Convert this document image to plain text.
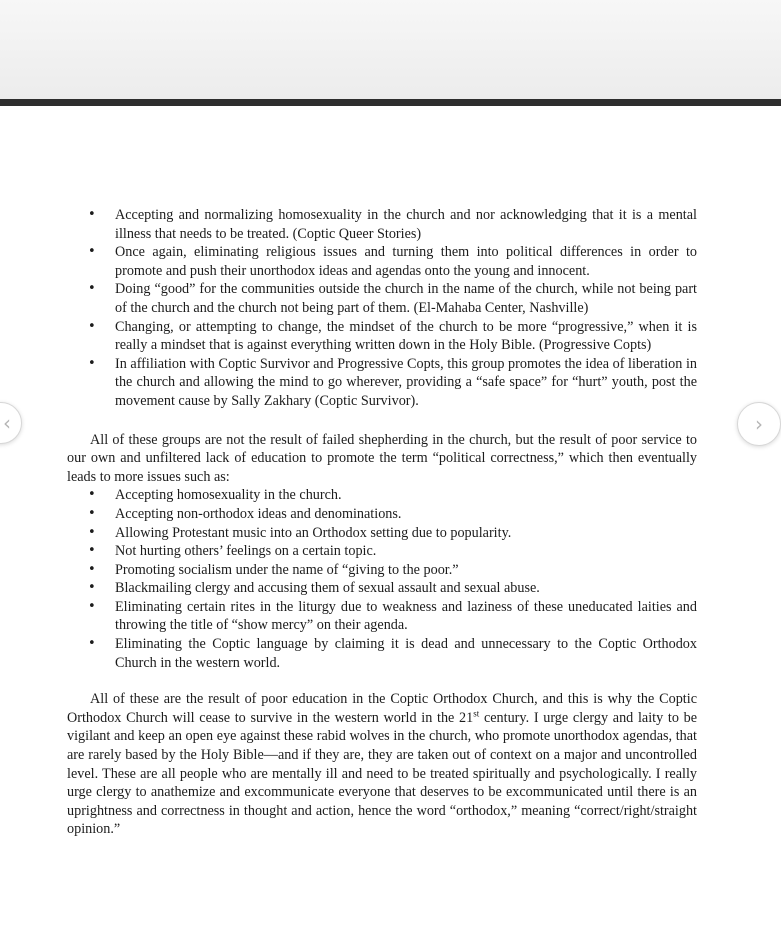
‹	›
• Accepting and normalizing homosexuality in the church and nor acknowledging that it is a mental illness that needs to be treated. (Coptic Queer Stories)
• Once again, eliminating religious issues and turning them into political differences in order to promote and push their unorthodox ideas and agendas onto the young and innocent.
• Doing “good” for the communities outside the church in the name of the church, while not being part of the church and the church not being part of them. (El-Mahaba Center, Nashville)
• Changing, or attempting to change, the mindset of the church to be more “progressive,” when it is really a mindset that is against everything written down in the Holy Bible. (Progressive Copts)
• In affiliation with Coptic Survivor and Progressive Copts, this group promotes the idea of liberation in the church and allowing the mind to go wherever, providing a “safe space” for “hurt” youth, post the movement cause by Sally Zakhary (Coptic Survivor).

All of these groups are not the result of failed shepherding in the church, but the result of poor service to our own and unfiltered lack of education to promote the term “political correctness,” which then eventually leads to more issues such as:

• Accepting homosexuality in the church.
• Accepting non-orthodox ideas and denominations.
• Allowing Protestant music into an Orthodox setting due to popularity.
• Not hurting others’ feelings on a certain topic.
• Promoting socialism under the name of “giving to the poor.”
• Blackmailing clergy and accusing them of sexual assault and sexual abuse.
• Eliminating certain rites in the liturgy due to weakness and laziness of these uneducated laities and throwing the title of “show mercy” on their agenda.
• Eliminating the Coptic language by claiming it is dead and unnecessary to the Coptic Orthodox Church in the western world.

All of these are the result of poor education in the Coptic Orthodox Church, and this is why the Coptic Orthodox Church will cease to survive in the western world in the 21st century. I urge clergy and laity to be vigilant and keep an open eye against these rabid wolves in the church, who promote unorthodox agendas, that are rarely based by the Holy Bible—and if they are, they are taken out of context on a major and uncontrolled level. These are all people who are mentally ill and need to be treated spiritually and psychologically. I really urge clergy to anathemize and excommunicate everyone that deserves to be excommunicated until there is an uprightness and correctness in thought and action, hence the word “orthodox,” meaning “correct/right/straight opinion.”
